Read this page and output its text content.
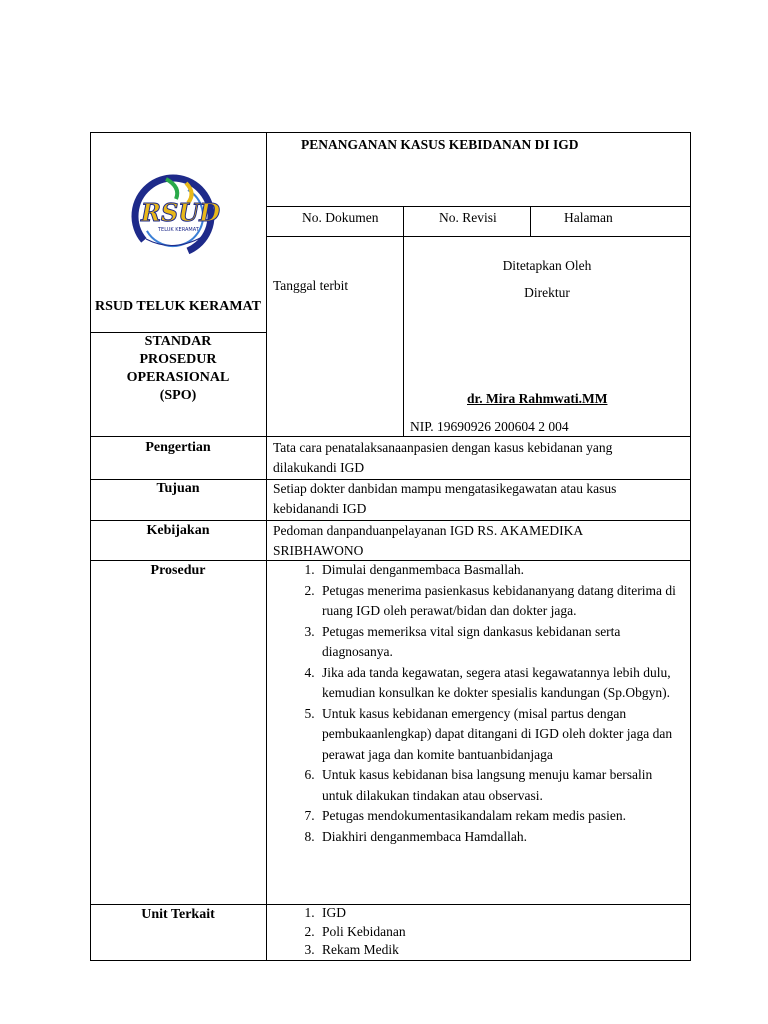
RSUD
TELUK KERAMAT
RSUD TELUK KERAMAT
STANDAR PROSEDUR OPERASIONAL (SPO)
PENANGANAN KASUS KEBIDANAN DI IGD
No. Dokumen	No. Revisi	Halaman
Tanggal terbit
Ditetapkan Oleh
Direktur
dr. Mira Rahmwati.MM
NIP. 19690926 200604 2 004
Pengertian	Tata cara penatalaksanaanpasien dengan kasus kebidanan yang
dilakukandi IGD
Tujuan	Setiap dokter danbidan mampu mengatasikegawatan atau kasus
kebidanandi IGD
Kebijakan	Pedoman danpanduanpelayanan IGD RS. AKAMEDIKA
SRIBHAWONO
Prosedur	1. Dimulai denganmembaca Basmallah.
2. Petugas menerima pasienkasus kebidananyang datang diterima di ruang IGD oleh perawat/bidan dan dokter jaga.
3. Petugas memeriksa vital sign dankasus kebidanan serta diagnosanya.
4. Jika ada tanda kegawatan, segera atasi kegawatannya lebih dulu, kemudian konsulkan ke dokter spesialis kandungan (Sp.Obgyn).
5. Untuk kasus kebidanan emergency (misal partus dengan pembukaanlengkap) dapat ditangani di IGD oleh dokter jaga dan perawat jaga dan komite bantuanbidanjaga
6. Untuk kasus kebidanan bisa langsung menuju kamar bersalin untuk dilakukan tindakan atau observasi.
7. Petugas mendokumentasikandalam rekam medis pasien.
8. Diakhiri denganmembaca Hamdallah.
Unit Terkait	1. IGD
2. Poli Kebidanan
3. Rekam Medik
